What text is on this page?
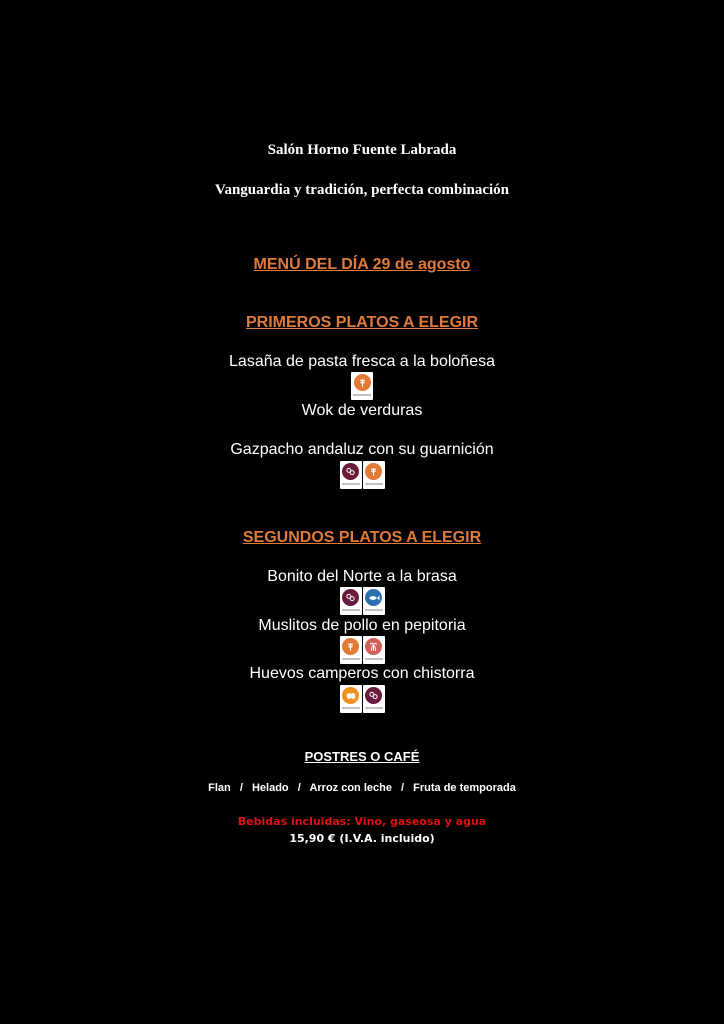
Salón Horno Fuente Labrada
Vanguardia y tradición, perfecta combinación
MENÚ DEL DÍA 29 de agosto
PRIMEROS PLATOS A ELEGIR
Lasaña de pasta fresca a la boloñesa
Wok de verduras
Gazpacho andaluz con su guarnición
SEGUNDOS PLATOS A ELEGIR
Bonito del Norte a la brasa
Muslitos de pollo en pepitoria
Huevos camperos con chistorra
POSTRES O CAFÉ
Flan / Helado / Arroz con leche / Fruta de temporada
Bebidas incluidas: Vino, gaseosa y agua
15,90 € (I.V.A. incluido)
